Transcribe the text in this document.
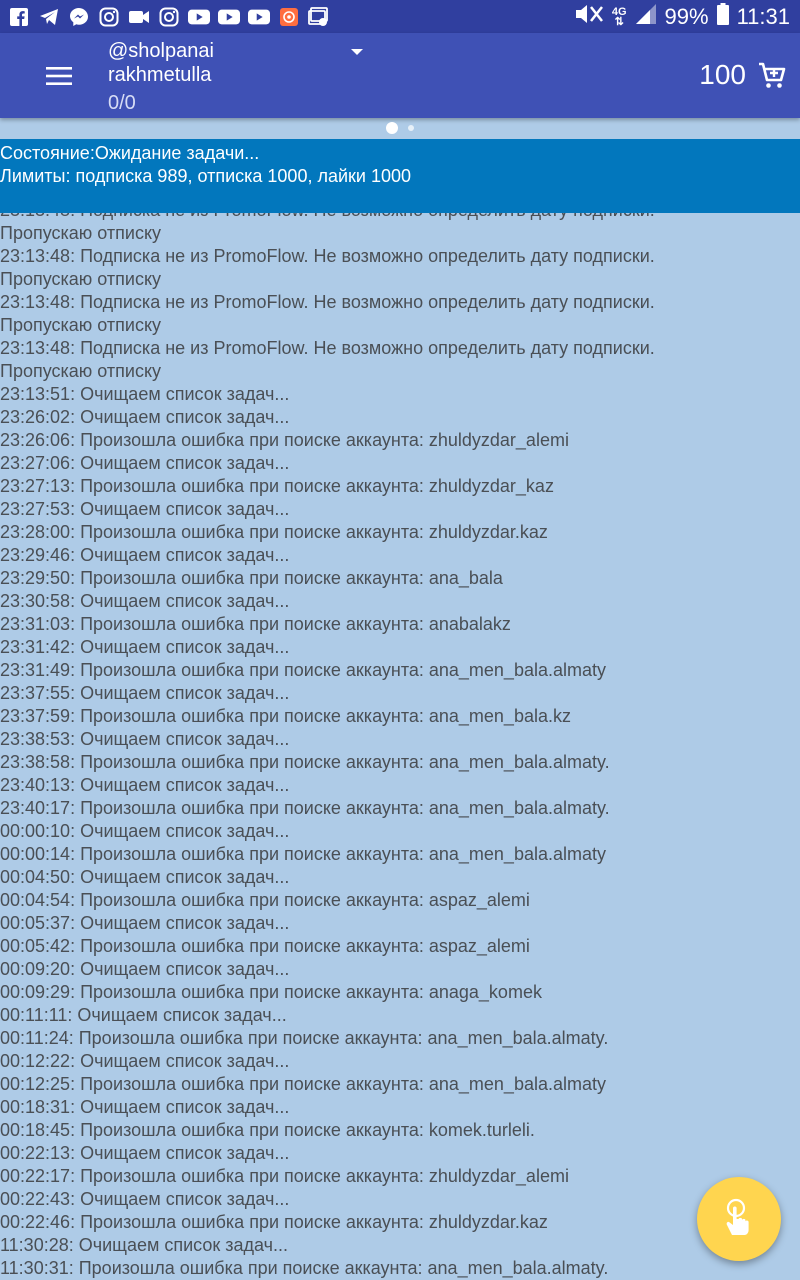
4G
⇅ 99% 11:31
@sholpanai
rakhmetulla
0/0
100
Состояние:Ожидание задачи...
Лимиты: подписка 989, отписка 1000, лайки 1000
Пропускаю отписку
23:13:48: Подписка не из PromoFlow. Не возможно определить дату подписки.
Пропускаю отписку
23:13:48: Подписка не из PromoFlow. Не возможно определить дату подписки.
Пропускаю отписку
23:13:48: Подписка не из PromoFlow. Не возможно определить дату подписки.
Пропускаю отписку
23:13:51: Очищаем список задач...
23:26:02: Очищаем список задач...
23:26:06: Произошла ошибка при поиске аккаунта: zhuldyzdar_alemi
23:27:06: Очищаем список задач...
23:27:13: Произошла ошибка при поиске аккаунта: zhuldyzdar_kaz
23:27:53: Очищаем список задач...
23:28:00: Произошла ошибка при поиске аккаунта: zhuldyzdar.kaz
23:29:46: Очищаем список задач...
23:29:50: Произошла ошибка при поиске аккаунта: ana_bala
23:30:58: Очищаем список задач...
23:31:03: Произошла ошибка при поиске аккаунта: anabalakz
23:31:42: Очищаем список задач...
23:31:49: Произошла ошибка при поиске аккаунта: ana_men_bala.almaty
23:37:55: Очищаем список задач...
23:37:59: Произошла ошибка при поиске аккаунта: ana_men_bala.kz
23:38:53: Очищаем список задач...
23:38:58: Произошла ошибка при поиске аккаунта: ana_men_bala.almaty.
23:40:13: Очищаем список задач...
23:40:17: Произошла ошибка при поиске аккаунта: ana_men_bala.almaty.
00:00:10: Очищаем список задач...
00:00:14: Произошла ошибка при поиске аккаунта: ana_men_bala.almaty
00:04:50: Очищаем список задач...
00:04:54: Произошла ошибка при поиске аккаунта: aspaz_alemi
00:05:37: Очищаем список задач...
00:05:42: Произошла ошибка при поиске аккаунта: aspaz_alemi
00:09:20: Очищаем список задач...
00:09:29: Произошла ошибка при поиске аккаунта: anaga_komek
00:11:11: Очищаем список задач...
00:11:24: Произошла ошибка при поиске аккаунта: ana_men_bala.almaty.
00:12:22: Очищаем список задач...
00:12:25: Произошла ошибка при поиске аккаунта: ana_men_bala.almaty
00:18:31: Очищаем список задач...
00:18:45: Произошла ошибка при поиске аккаунта: komek.turleli.
00:22:13: Очищаем список задач...
00:22:17: Произошла ошибка при поиске аккаунта: zhuldyzdar_alemi
00:22:43: Очищаем список задач...
00:22:46: Произошла ошибка при поиске аккаунта: zhuldyzdar.kaz
11:30:28: Очищаем список задач...
11:30:31: Произошла ошибка при поиске аккаунта: ana_men_bala.almaty.
